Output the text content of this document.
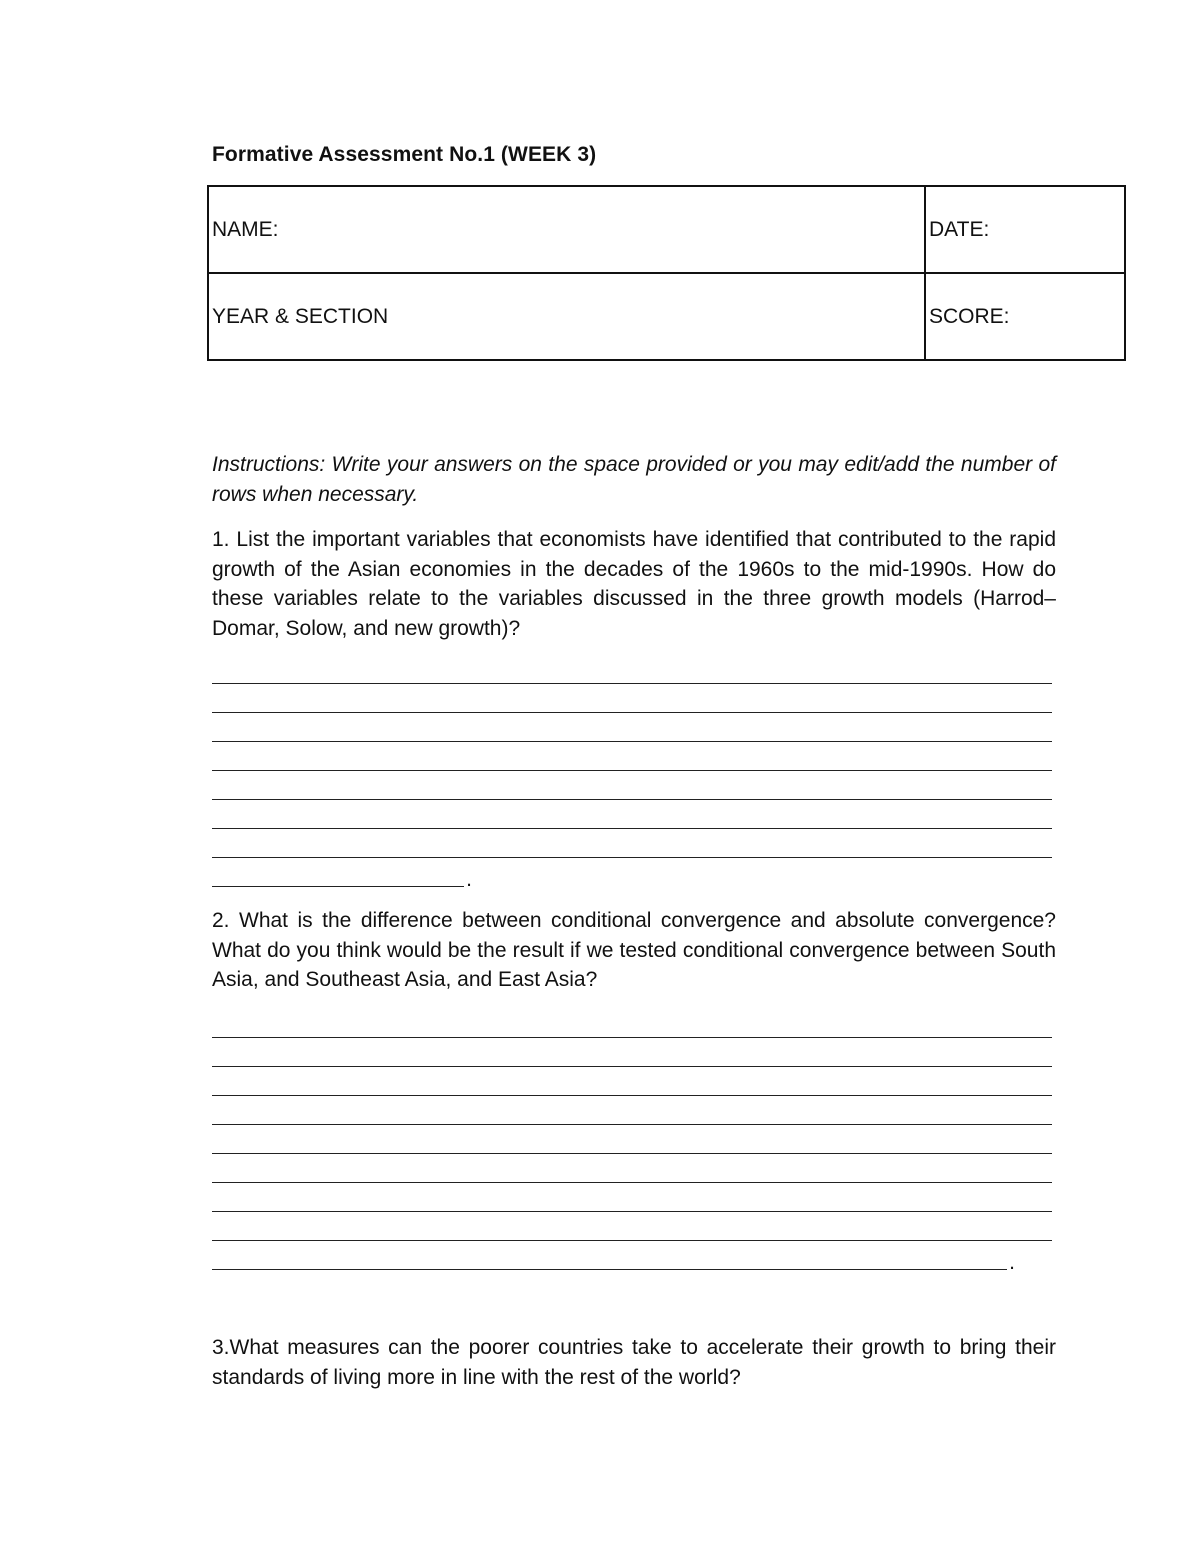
Formative Assessment No.1 (WEEK 3)
NAME:	DATE:
YEAR & SECTION	SCORE:
Instructions: Write your answers on the space provided or you may edit/add the number of rows when necessary.
1. List the important variables that economists have identified that contributed to the rapid growth of the Asian economies in the decades of the 1960s to the mid-1990s. How do these variables relate to the variables discussed in the three growth models (Harrod–Domar, Solow, and new growth)?
.
2. What is the difference between conditional convergence and absolute convergence? What do you think would be the result if we tested conditional convergence between South Asia, and Southeast Asia, and East Asia?
.
3.What measures can the poorer countries take to accelerate their growth to bring their standards of living more in line with the rest of the world?
